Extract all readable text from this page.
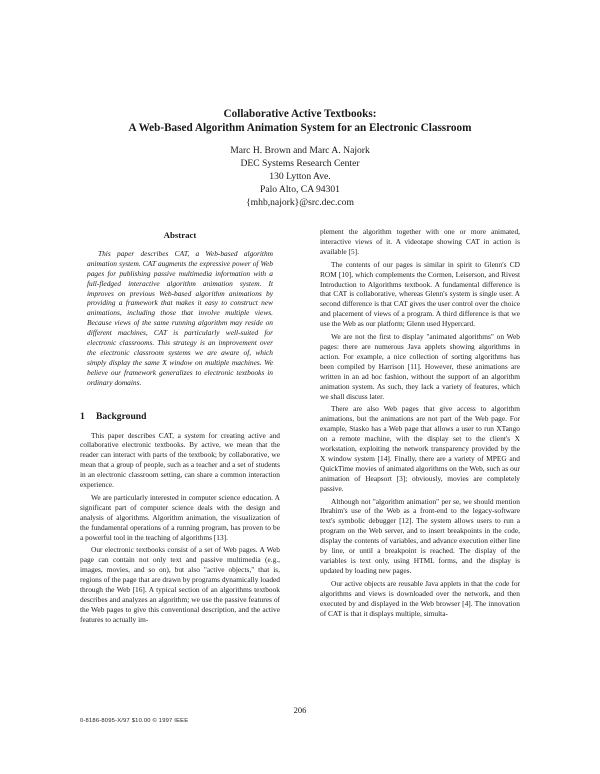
Collaborative Active Textbooks:
A Web-Based Algorithm Animation System for an Electronic Classroom
Marc H. Brown and Marc A. Najork
DEC Systems Research Center
130 Lytton Ave.
Palo Alto, CA 94301
{mhb,najork}@src.dec.com
Abstract

This paper describes CAT, a Web-based algorithm animation system. CAT augments the expressive power of Web pages for publishing passive multimedia information with a full-fledged interactive algorithm animation system. It improves on previous Web-based algorithm animations by providing a framework that makes it easy to construct new animations, including those that involve multiple views. Because views of the same running algorithm may reside on different machines, CAT is particularly well-suited for electronic classrooms. This strategy is an improvement over the electronic classroom systems we are aware of, which simply display the same X window on multiple machines. We believe our framework generalizes to electronic textbooks in ordinary domains.

1 Background

This paper describes CAT, a system for creating active and collaborative electronic textbooks. By active, we mean that the reader can interact with parts of the textbook; by collaborative, we mean that a group of people, such as a teacher and a set of students in an electronic classroom setting, can share a common interaction experience.

We are particularly interested in computer science education. A significant part of computer science deals with the design and analysis of algorithms. Algorithm animation, the visualization of the fundamental operations of a running program, has proven to be a powerful tool in the teaching of algorithms [13].

Our electronic textbooks consist of a set of Web pages. A Web page can contain not only text and passive multimedia (e.g., images, movies, and so on), but also "active objects," that is, regions of the page that are drawn by programs dynamically loaded through the Web [16]. A typical section of an algorithms textbook describes and analyzes an algorithm; we use the passive features of the Web pages to give this conventional description, and the active features to actually im-

plement the algorithm together with one or more animated, interactive views of it. A videotape showing CAT in action is available [5].

The contents of our pages is similar in spirit to Glenn's CD ROM [10], which complements the Cormen, Leiserson, and Rivest Introduction to Algorithms textbook. A fundamental difference is that CAT is collaborative, whereas Glenn's system is single user. A second difference is that CAT gives the user control over the choice and placement of views of a program. A third difference is that we use the Web as our platform; Glenn used Hypercard.

We are not the first to display "animated algorithms" on Web pages: there are numerous Java applets showing algorithms in action. For example, a nice collection of sorting algorithms has been compiled by Harrison [11]. However, these animations are written in an ad hoc fashion, without the support of an algorithm animation system. As such, they lack a variety of features, which we shall discuss later.

There are also Web pages that give access to algorithm animations, but the animations are not part of the Web page. For example, Stasko has a Web page that allows a user to run XTango on a remote machine, with the display set to the client's X workstation, exploiting the network transparency provided by the X window system [14]. Finally, there are a variety of MPEG and QuickTime movies of animated algorithms on the Web, such as our animation of Heapsort [3]; obviously, movies are completely passive.

Although not "algorithm animation" per se, we should mention Ibrahim's use of the Web as a front-end to the legacy-software text's symbolic debugger [12]. The system allows users to run a program on the Web server, and to insert breakpoints in the code, display the contents of variables, and advance execution either line by line, or until a breakpoint is reached. The display of the variables is text only, using HTML forms, and the display is updated by loading new pages.

Our active objects are reusable Java applets in that the code for algorithms and views is downloaded over the network, and then executed by and displayed in the Web browser [4]. The innovation of CAT is that it displays multiple, simulta-

206
0-8186-8095-X/97 $10.00 © 1997 IEEE
